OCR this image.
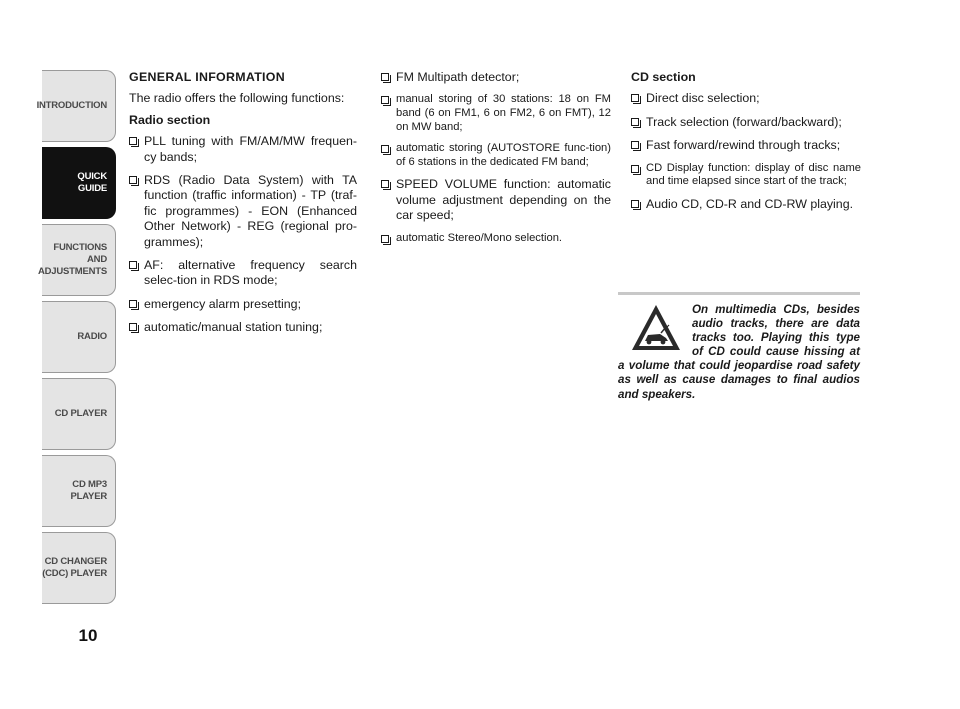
INTRODUCTION
QUICK
GUIDE
FUNCTIONS
AND
ADJUSTMENTS
RADIO
CD PLAYER
CD MP3
PLAYER
CD CHANGER
(CDC) PLAYER
10
GENERAL INFORMATION
The radio offers the following functions:
Radio section
PLL tuning with FM/AM/MW frequen-cy bands;
RDS (Radio Data System) with TA function (traffic information) - TP (traf-fic programmes) - EON (Enhanced Other Network) - REG (regional pro-grammes);
AF: alternative frequency search selec-tion in RDS mode;
emergency alarm presetting;
automatic/manual station tuning;
FM Multipath detector;
manual storing of 30 stations: 18 on FM band (6 on FM1, 6 on FM2, 6 on FMT), 12 on MW band;
automatic storing (AUTOSTORE func-tion) of 6 stations in the dedicated FM band;
SPEED VOLUME function: automatic volume adjustment depending on the car speed;
automatic Stereo/Mono selection.
CD section
Direct disc selection;
Track selection (forward/backward);
Fast forward/rewind through tracks;
CD Display function: display of disc name and time elapsed since start of the track;
Audio CD, CD-R and CD-RW playing.

On multimedia CDs, besides audio tracks, there are data tracks too. Playing this type of CD could cause hissing at a volume that could jeopardise road safety as well as cause damages to final audios and speakers.
